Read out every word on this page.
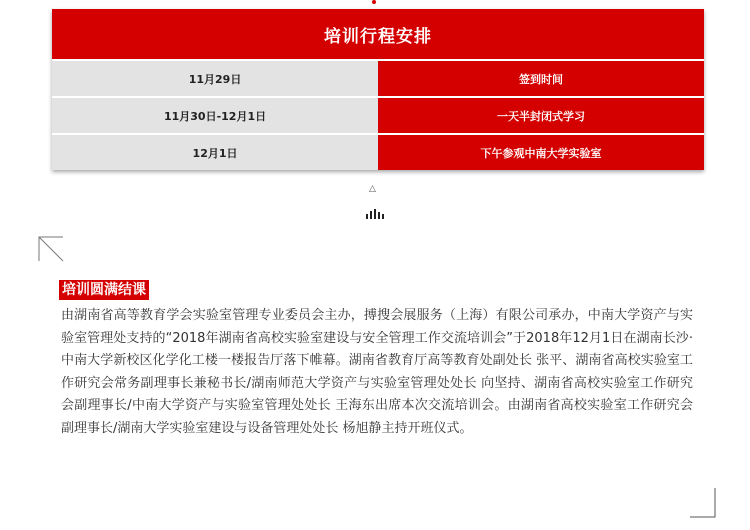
培训行程安排	
11月29日	签到时间
11月30日-12月1日	一天半封闭式学习
12月1日	下午参观中南大学实验室
△
培训圆满结课
由湖南省高等教育学会实验室管理专业委员会主办，搏搜会展服务（上海）有限公司承办，中南大学资产与实验室管理处支持的“2018年湖南省高校实验室建设与安全管理工作交流培训会”于2018年12月1日在湖南长沙·中南大学新校区化学化工楼一楼报告厅落下帷幕。湖南省教育厅高等教育处副处长 张平、湖南省高校实验室工作研究会常务副理事长兼秘书长/湖南师范大学资产与实验室管理处处长 向坚持、湖南省高校实验室工作研究会副理事长/中南大学资产与实验室管理处处长 王海东出席本次交流培训会。由湖南省高校实验室工作研究会副理事长/湖南大学实验室建设与设备管理处处长 杨旭静主持开班仪式。
